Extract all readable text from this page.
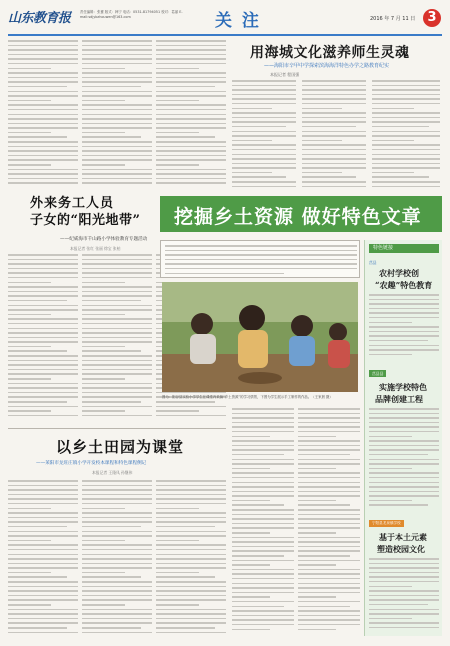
山东教育报	责任编辑：张赟 版式：韩宁 电话：0531-81794051 校对：葛丽 E-mail:sdjybzhouwen@163.com	关 注	2016 年 7 月 11 日 3
用海城文化滋养师生灵魂
——海阳市辛甲中学探索滨海海洋特色办学之路教育纪实
本报记者 程国强
外来务工人员
子女的“阳光地带”
——纪威海市千山路小学体验教育专题活动
本报记者 张红 张丽 徐宝 张柏
挖掘乡土资源 做好特色文章
图为：阳谷县实验小学学生在课堂内采摘“乡土资源”的学习情景，下图为学生展示手工制作的作品。（王家晨 摄）
以乡土田园为课堂
——莱阳市龙旺庄镇小学开发校本课程和特色课程侧记
本报记者 王隆凤 孙继伟
特色链接
莒县
农村学校创
“农趣”特色教育
莒县县
实施学校特色
品牌创建工程
宁阳县龙泉镇学校
基于本土元素
塑造校园文化
